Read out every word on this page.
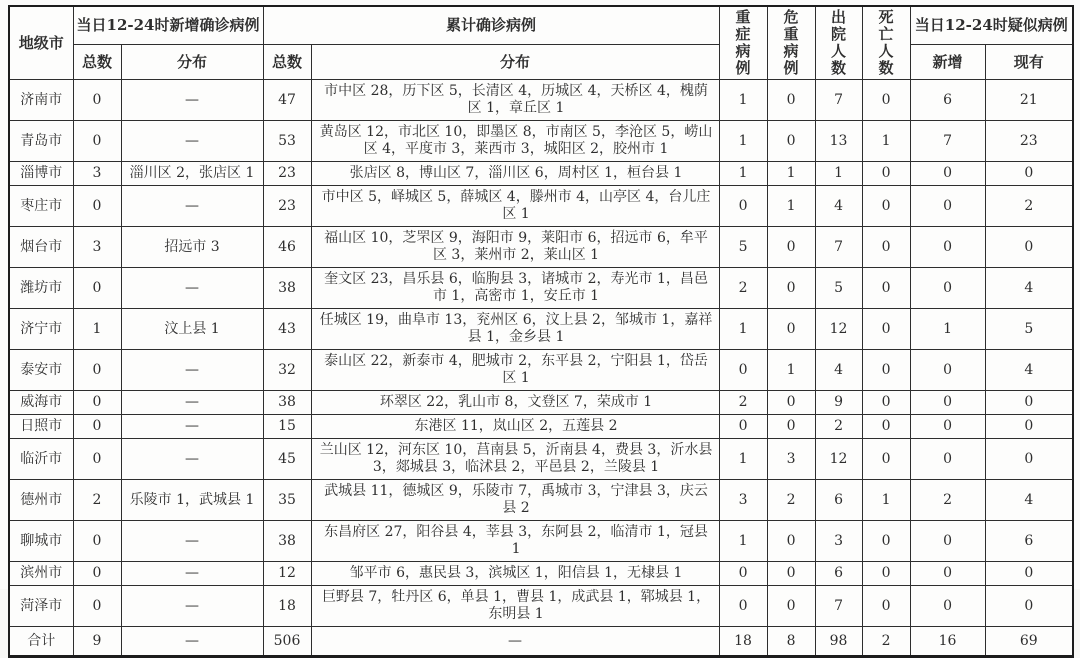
地级市	当日12-24时新增确诊病例		累计确诊病例		重症病例	危重病例	出院人数	死亡人数	当日12-24时疑似病例	
	总数	分布	总数	分布					新增	现有
济南市	0	—	47	市中区 28，历下区 5，长清区 4，历城区 4，天桥区 4，槐荫区 1，章丘区 1	1	0	7	0	6	21
青岛市	0	—	53	黄岛区 12，市北区 10，即墨区 8，市南区 5，李沧区 5，崂山区 4，平度市 3，莱西市 3，城阳区 2，胶州市 1	1	0	13	1	7	23
淄博市	3	淄川区 2，张店区 1	23	张店区 8，博山区 7，淄川区 6，周村区 1，桓台县 1	1	1	1	0	0	0
枣庄市	0	—	23	市中区 5，峄城区 5，薛城区 4，滕州市 4，山亭区 4，台儿庄区 1	0	1	4	0	0	2
烟台市	3	招远市 3	46	福山区 10，芝罘区 9，海阳市 9，莱阳市 6，招远市 6，牟平区 3，莱州市 2，莱山区 1	5	0	7	0	0	0
潍坊市	0	—	38	奎文区 23，昌乐县 6，临朐县 3，诸城市 2，寿光市 1，昌邑市 1，高密市 1，安丘市 1	2	0	5	0	0	4
济宁市	1	汶上县 1	43	任城区 19，曲阜市 13，兖州区 6，汶上县 2，邹城市 1，嘉祥县 1，金乡县 1	1	0	12	0	1	5
泰安市	0	—	32	泰山区 22，新泰市 4，肥城市 2，东平县 2，宁阳县 1，岱岳区 1	0	1	4	0	0	4
威海市	0	—	38	环翠区 22，乳山市 8，文登区 7，荣成市 1	2	0	9	0	0	0
日照市	0	—	15	东港区 11，岚山区 2，五莲县 2	0	0	2	0	0	0
临沂市	0	—	45	兰山区 12，河东区 10，莒南县 5，沂南县 4，费县 3，沂水县 3，郯城县 3，临沭县 2，平邑县 2，兰陵县 1	1	3	12	0	0	0
德州市	2	乐陵市 1，武城县 1	35	武城县 11，德城区 9，乐陵市 7，禹城市 3，宁津县 3，庆云县 2	3	2	6	1	2	4
聊城市	0	—	38	东昌府区 27，阳谷县 4，莘县 3，东阿县 2，临清市 1，冠县 1	1	0	3	0	0	6
滨州市	0	—	12	邹平市 6，惠民县 3，滨城区 1，阳信县 1，无棣县 1	0	0	6	0	0	0
菏泽市	0	—	18	巨野县 7，牡丹区 6，单县 1，曹县 1，成武县 1，郓城县 1，东明县 1	0	0	7	0	0	0
合计	9	—	506	—	18	8	98	2	16	69
